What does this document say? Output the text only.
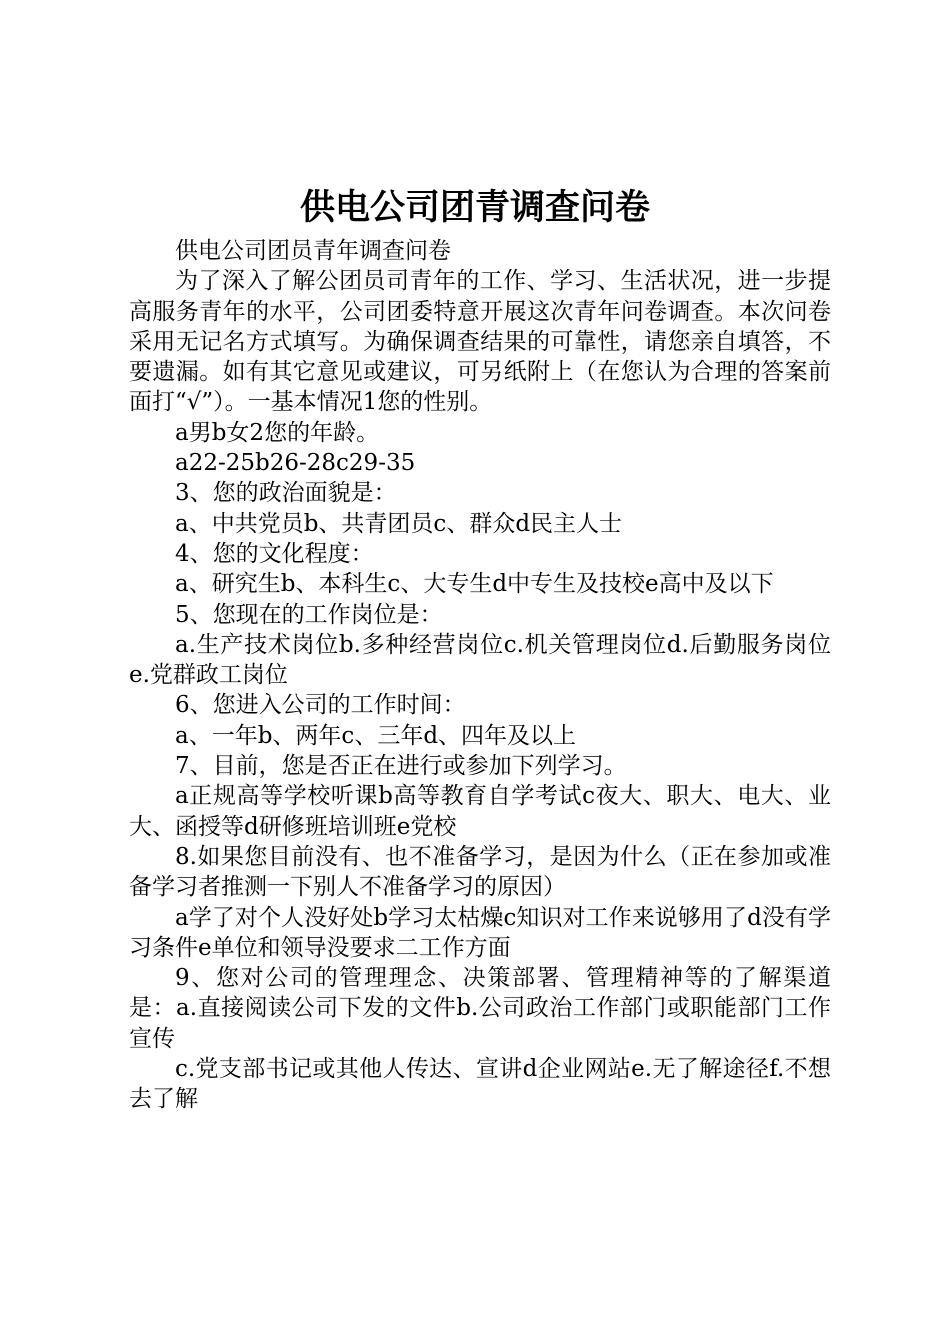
供电公司团青调查问卷

供电公司团员青年调查问卷

为了深入了解公团员司青年的工作、学习、生活状况，进一步提高服务青年的水平，公司团委特意开展这次青年问卷调查。本次问卷采用无记名方式填写。为确保调查结果的可靠性，请您亲自填答，不要遗漏。如有其它意见或建议，可另纸附上（在您认为合理的答案前面打“√”）。一基本情况1您的性别。

a男b女2您的年龄。

a22-25b26-28c29-35

3、您的政治面貌是：

a、中共党员b、共青团员c、群众d民主人士

4、您的文化程度：

a、研究生b、本科生c、大专生d中专生及技校e高中及以下

5、您现在的工作岗位是：

a.生产技术岗位b.多种经营岗位c.机关管理岗位d.后勤服务岗位e.党群政工岗位

6、您进入公司的工作时间：

a、一年b、两年c、三年d、四年及以上

7、目前，您是否正在进行或参加下列学习。

a正规高等学校听课b高等教育自学考试c夜大、职大、电大、业大、函授等d研修班培训班e党校

8.如果您目前没有、也不准备学习，是因为什么（正在参加或准备学习者推测一下别人不准备学习的原因）

a学了对个人没好处b学习太枯燥c知识对工作来说够用了d没有学习条件e单位和领导没要求二工作方面

9、您对公司的管理理念、决策部署、管理精神等的了解渠道是：a.直接阅读公司下发的文件b.公司政治工作部门或职能部门工作宣传

c.党支部书记或其他人传达、宣讲d企业网站e.无了解途径f.不想去了解
